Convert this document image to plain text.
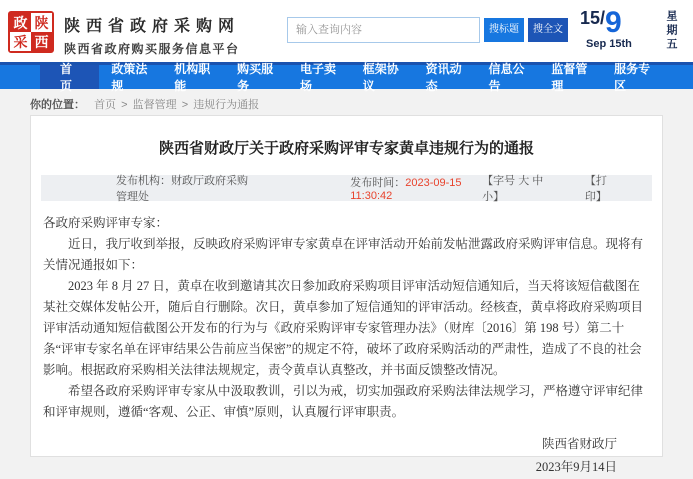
政 陕
采 西
陕西省政府采购网
陕西省政府购买服务信息平台
输入查询内容
搜标题	搜全文
15/9
Sep 15th	星期五
首页
政策法规
机构职能
购买服务
电子卖场
框架协议
资讯动态
信息公告
监督管理
服务专区
你的位置： 首页 > 监督管理 > 违规行为通报
陕西省财政厅关于政府采购评审专家黄卓违规行为的通报
发布机构：财政厅政府采购管理处
发布时间：2023-09-15 11:30:42
【字号 大 中 小】
【打印】

各政府采购评审专家：

近日，我厅收到举报，反映政府采购评审专家黄卓在评审活动开始前发帖泄露政府采购评审信息。现将有关情况通报如下：

2023 年 8 月 27 日，黄卓在收到邀请其次日参加政府采购项目评审活动短信通知后，当天将该短信截图在某社交媒体发帖公开，随后自行删除。次日，黄卓参加了短信通知的评审活动。经核查，黄卓将政府采购项目评审活动通知短信截图公开发布的行为与《政府采购评审专家管理办法》（财库〔2016〕第 198 号）第二十条“评审专家名单在评审结果公告前应当保密”的规定不符，破坏了政府采购活动的严肃性，造成了不良的社会影响。根据政府采购相关法律法规规定，责令黄卓认真整改，并书面反馈整改情况。

希望各政府采购评审专家从中汲取教训，引以为戒，切实加强政府采购法律法规学习，严格遵守评审纪律和评审规则，遵循“客观、公正、审慎”原则，认真履行评审职责。

陕西省财政厅
2023年9月14日
